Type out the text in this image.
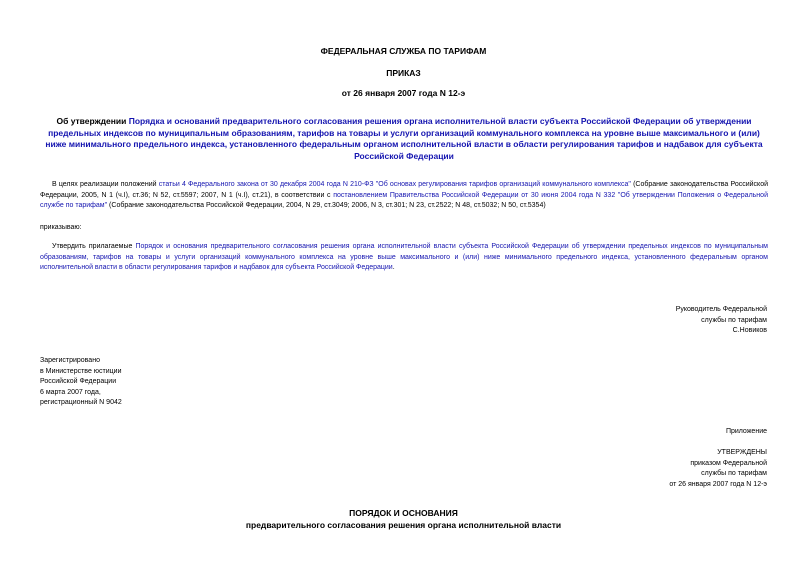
ФЕДЕРАЛЬНАЯ СЛУЖБА ПО ТАРИФАМ
ПРИКАЗ
от 26 января 2007 года N 12-э
Об утверждении Порядка и оснований предварительного согласования решения органа исполнительной власти субъекта Российской Федерации об утверждении предельных индексов по муниципальным образованиям, тарифов на товары и услуги организаций коммунального комплекса на уровне выше максимального и (или) ниже минимального предельного индекса, установленного федеральным органом исполнительной власти в области регулирования тарифов и надбавок для субъекта Российской Федерации
В целях реализации положений статьи 4 Федерального закона от 30 декабря 2004 года N 210-ФЗ "Об основах регулирования тарифов организаций коммунального комплекса" (Собрание законодательства Российской Федерации, 2005, N 1 (ч.I), ст.36; N 52, ст.5597; 2007, N 1 (ч.I), ст.21), в соответствии с постановлением Правительства Российской Федерации от 30 июня 2004 года N 332 "Об утверждении Положения о Федеральной службе по тарифам" (Собрание законодательства Российской Федерации, 2004, N 29, ст.3049; 2006, N 3, ст.301; N 23, ст.2522; N 48, ст.5032; N 50, ст.5354)
приказываю:
Утвердить прилагаемые Порядок и основания предварительного согласования решения органа исполнительной власти субъекта Российской Федерации об утверждении предельных индексов по муниципальным образованиям, тарифов на товары и услуги организаций коммунального комплекса на уровне выше максимального и (или) ниже минимального предельного индекса, установленного федеральным органом исполнительной власти в области регулирования тарифов и надбавок для субъекта Российской Федерации.
Руководитель Федеральной
службы по тарифам
С.Новиков
Зарегистрировано
в Министерстве юстиции
Российской Федерации
6 марта 2007 года,
регистрационный N 9042
Приложение
УТВЕРЖДЕНЫ
приказом Федеральной
службы по тарифам
от 26 января 2007 года N 12-э
ПОРЯДОК И ОСНОВАНИЯ
предварительного согласования решения органа исполнительной власти
